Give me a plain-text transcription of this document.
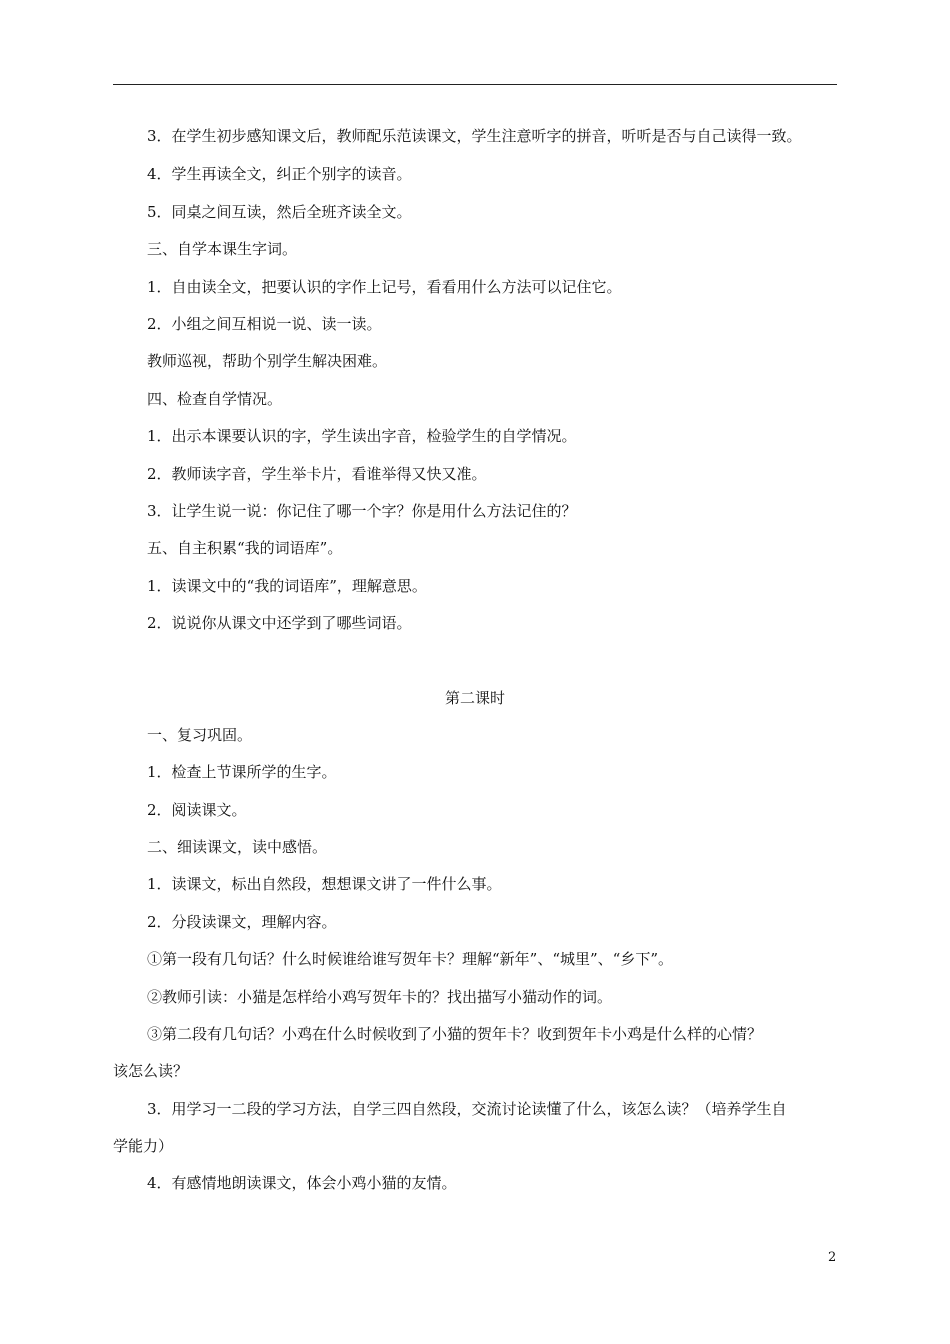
3．在学生初步感知课文后，教师配乐范读课文，学生注意听字的拼音，听听是否与自己读得一致。
4．学生再读全文，纠正个别字的读音。
5．同桌之间互读，然后全班齐读全文。
三、自学本课生字词。
1．自由读全文，把要认识的字作上记号，看看用什么方法可以记住它。
2．小组之间互相说一说、读一读。
教师巡视，帮助个别学生解决困难。
四、检查自学情况。
1．出示本课要认识的字，学生读出字音，检验学生的自学情况。
2．教师读字音，学生举卡片，看谁举得又快又准。
3．让学生说一说：你记住了哪一个字？你是用什么方法记住的？
五、自主积累“我的词语库”。
1．读课文中的“我的词语库”，理解意思。
2．说说你从课文中还学到了哪些词语。
第二课时
一、复习巩固。
1．检查上节课所学的生字。
2．阅读课文。
二、细读课文，读中感悟。
1．读课文，标出自然段，想想课文讲了一件什么事。
2．分段读课文，理解内容。
①第一段有几句话？什么时候谁给谁写贺年卡？理解“新年”、“城里”、“乡下”。
②教师引读：小猫是怎样给小鸡写贺年卡的？找出描写小猫动作的词。
③第二段有几句话？小鸡在什么时候收到了小猫的贺年卡？收到贺年卡小鸡是什么样的心情？
该怎么读？
3．用学习一二段的学习方法，自学三四自然段，交流讨论读懂了什么，该怎么读？（培养学生自
学能力）
4．有感情地朗读课文，体会小鸡小猫的友情。
2
